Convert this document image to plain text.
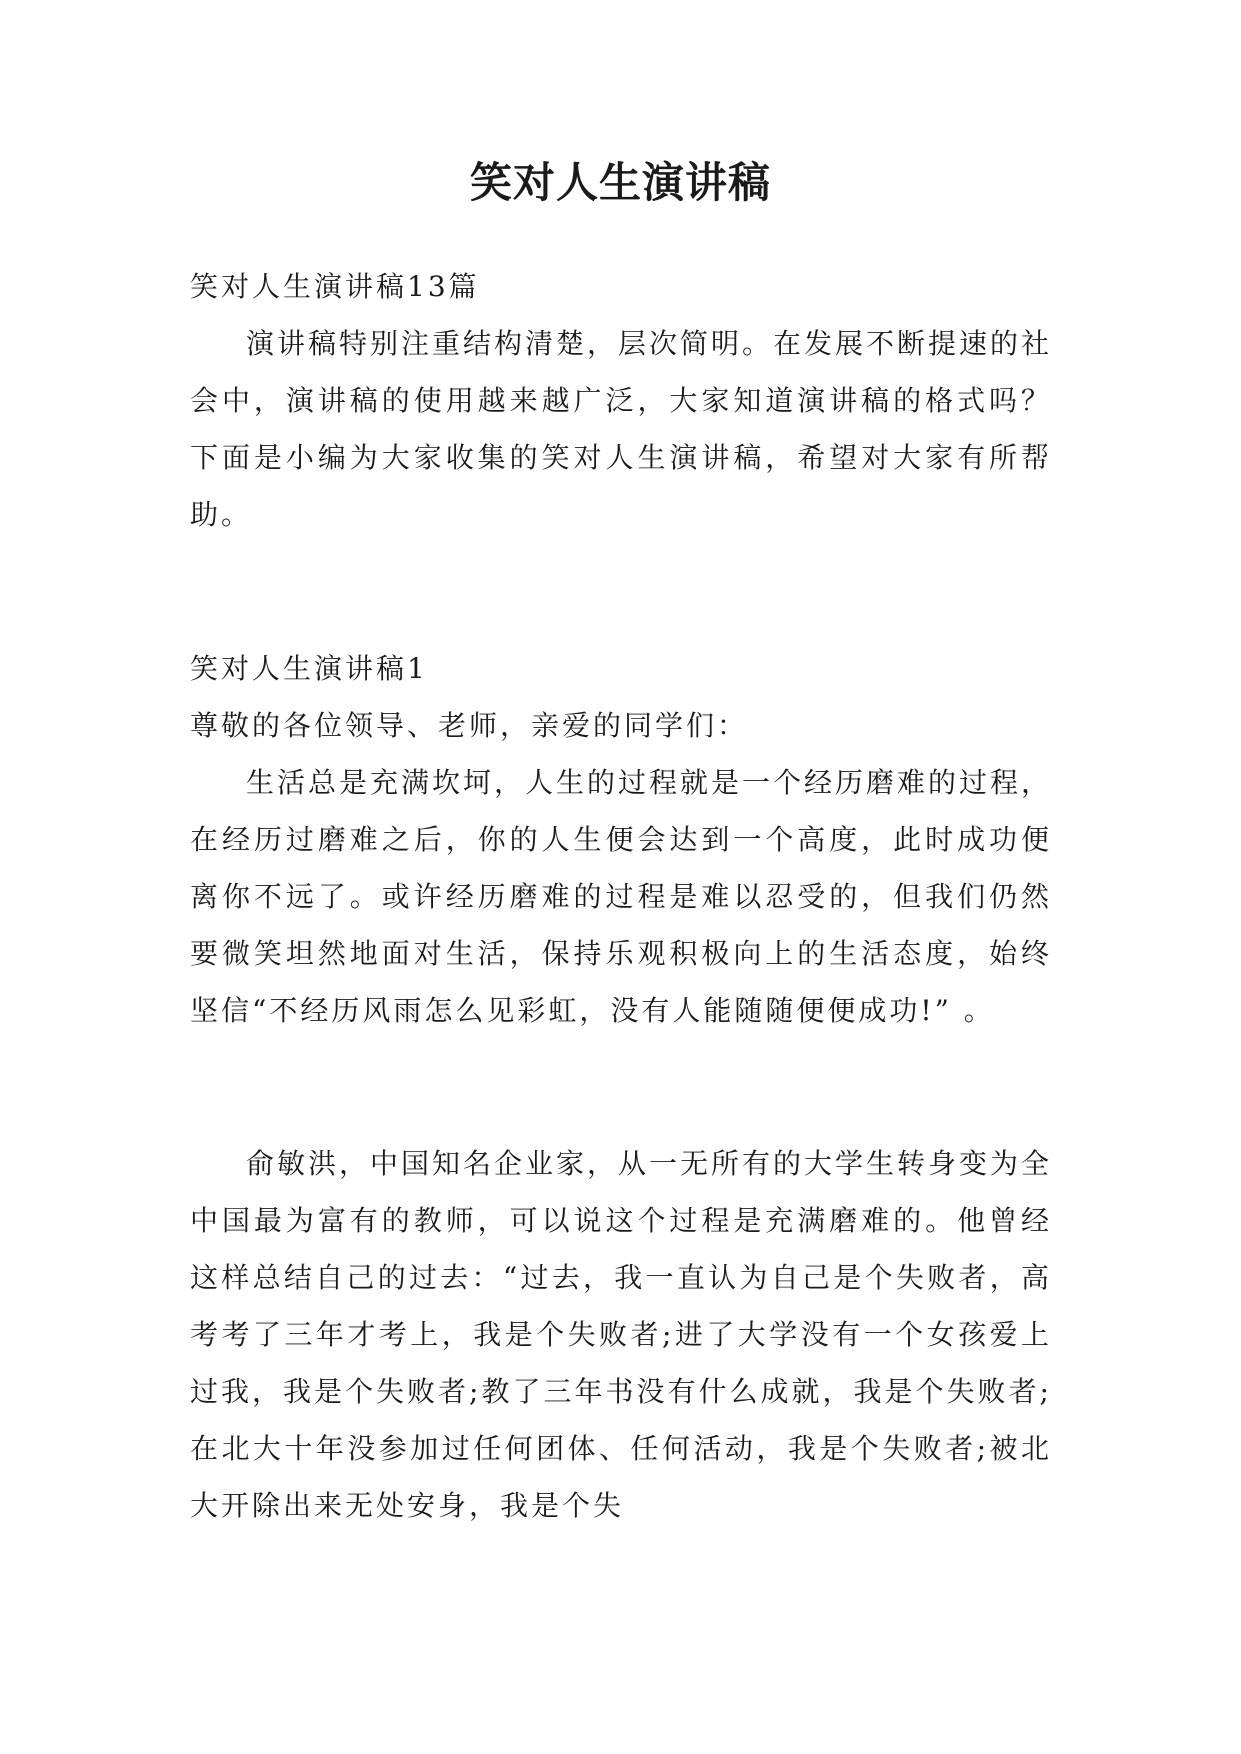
笑对人生演讲稿

笑对人生演讲稿13篇

演讲稿特别注重结构清楚，层次简明。在发展不断提速的社会中，演讲稿的使用越来越广泛，大家知道演讲稿的格式吗？下面是小编为大家收集的笑对人生演讲稿，希望对大家有所帮助。

笑对人生演讲稿1

尊敬的各位领导、老师，亲爱的同学们：

生活总是充满坎坷，人生的过程就是一个经历磨难的过程，在经历过磨难之后，你的人生便会达到一个高度，此时成功便离你不远了。或许经历磨难的过程是难以忍受的，但我们仍然要微笑坦然地面对生活，保持乐观积极向上的生活态度，始终坚信“不经历风雨怎么见彩虹，没有人能随随便便成功!” 。

俞敏洪，中国知名企业家，从一无所有的大学生转身变为全中国最为富有的教师，可以说这个过程是充满磨难的。他曾经这样总结自己的过去：“过去，我一直认为自己是个失败者，高考考了三年才考上，我是个失败者;进了大学没有一个女孩爱上过我，我是个失败者;教了三年书没有什么成就，我是个失败者;在北大十年没参加过任何团体、任何活动，我是个失败者;被北大开除出来无处安身，我是个失
